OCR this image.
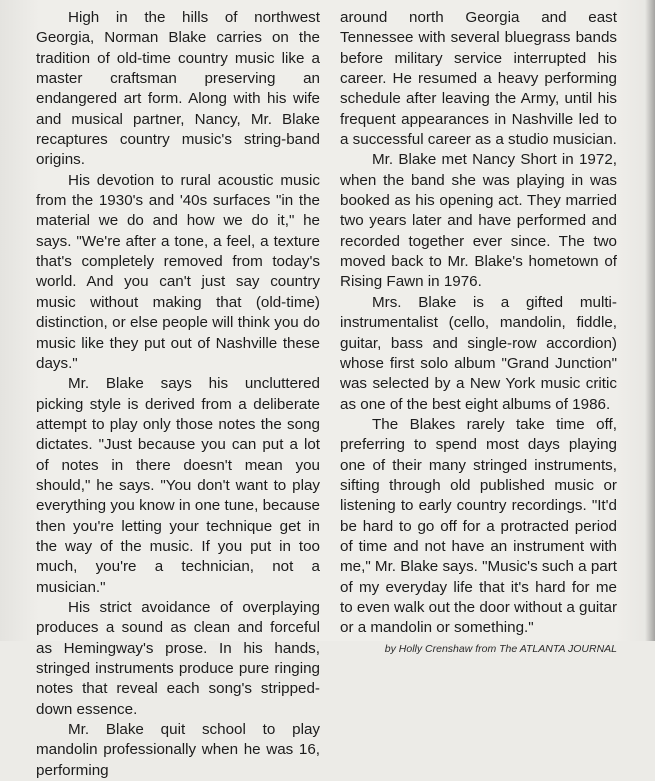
High in the hills of northwest Georgia, Norman Blake carries on the tradition of old-time country music like a master craftsman preserving an endangered art form. Along with his wife and musical partner, Nancy, Mr. Blake recaptures country music's string-band origins.

His devotion to rural acoustic music from the 1930's and '40s surfaces "in the material we do and how we do it," he says. "We're after a tone, a feel, a texture that's completely removed from today's world. And you can't just say country music without making that (old-time) distinction, or else people will think you do music like they put out of Nashville these days."

Mr. Blake says his uncluttered picking style is derived from a deliberate attempt to play only those notes the song dictates. "Just because you can put a lot of notes in there doesn't mean you should," he says. "You don't want to play everything you know in one tune, because then you're letting your technique get in the way of the music. If you put in too much, you're a technician, not a musician."

His strict avoidance of overplaying produces a sound as clean and forceful as Hemingway's prose. In his hands, stringed instruments produce pure ringing notes that reveal each song's stripped-down essence.

Mr. Blake quit school to play mandolin professionally when he was 16, performing

around north Georgia and east Tennessee with several bluegrass bands before military service interrupted his career. He resumed a heavy performing schedule after leaving the Army, until his frequent appearances in Nashville led to a successful career as a studio musician.

Mr. Blake met Nancy Short in 1972, when the band she was playing in was booked as his opening act. They married two years later and have performed and recorded together ever since. The two moved back to Mr. Blake's hometown of Rising Fawn in 1976.

Mrs. Blake is a gifted multi-instrumentalist (cello, mandolin, fiddle, guitar, bass and single-row accordion) whose first solo album "Grand Junction" was selected by a New York music critic as one of the best eight albums of 1986.

The Blakes rarely take time off, preferring to spend most days playing one of their many stringed instruments, sifting through old published music or listening to early country recordings. "It'd be hard to go off for a protracted period of time and not have an instrument with me," Mr. Blake says. "Music's such a part of my everyday life that it's hard for me to even walk out the door without a guitar or a mandolin or something."

by Holly Crenshaw from The ATLANTA JOURNAL
